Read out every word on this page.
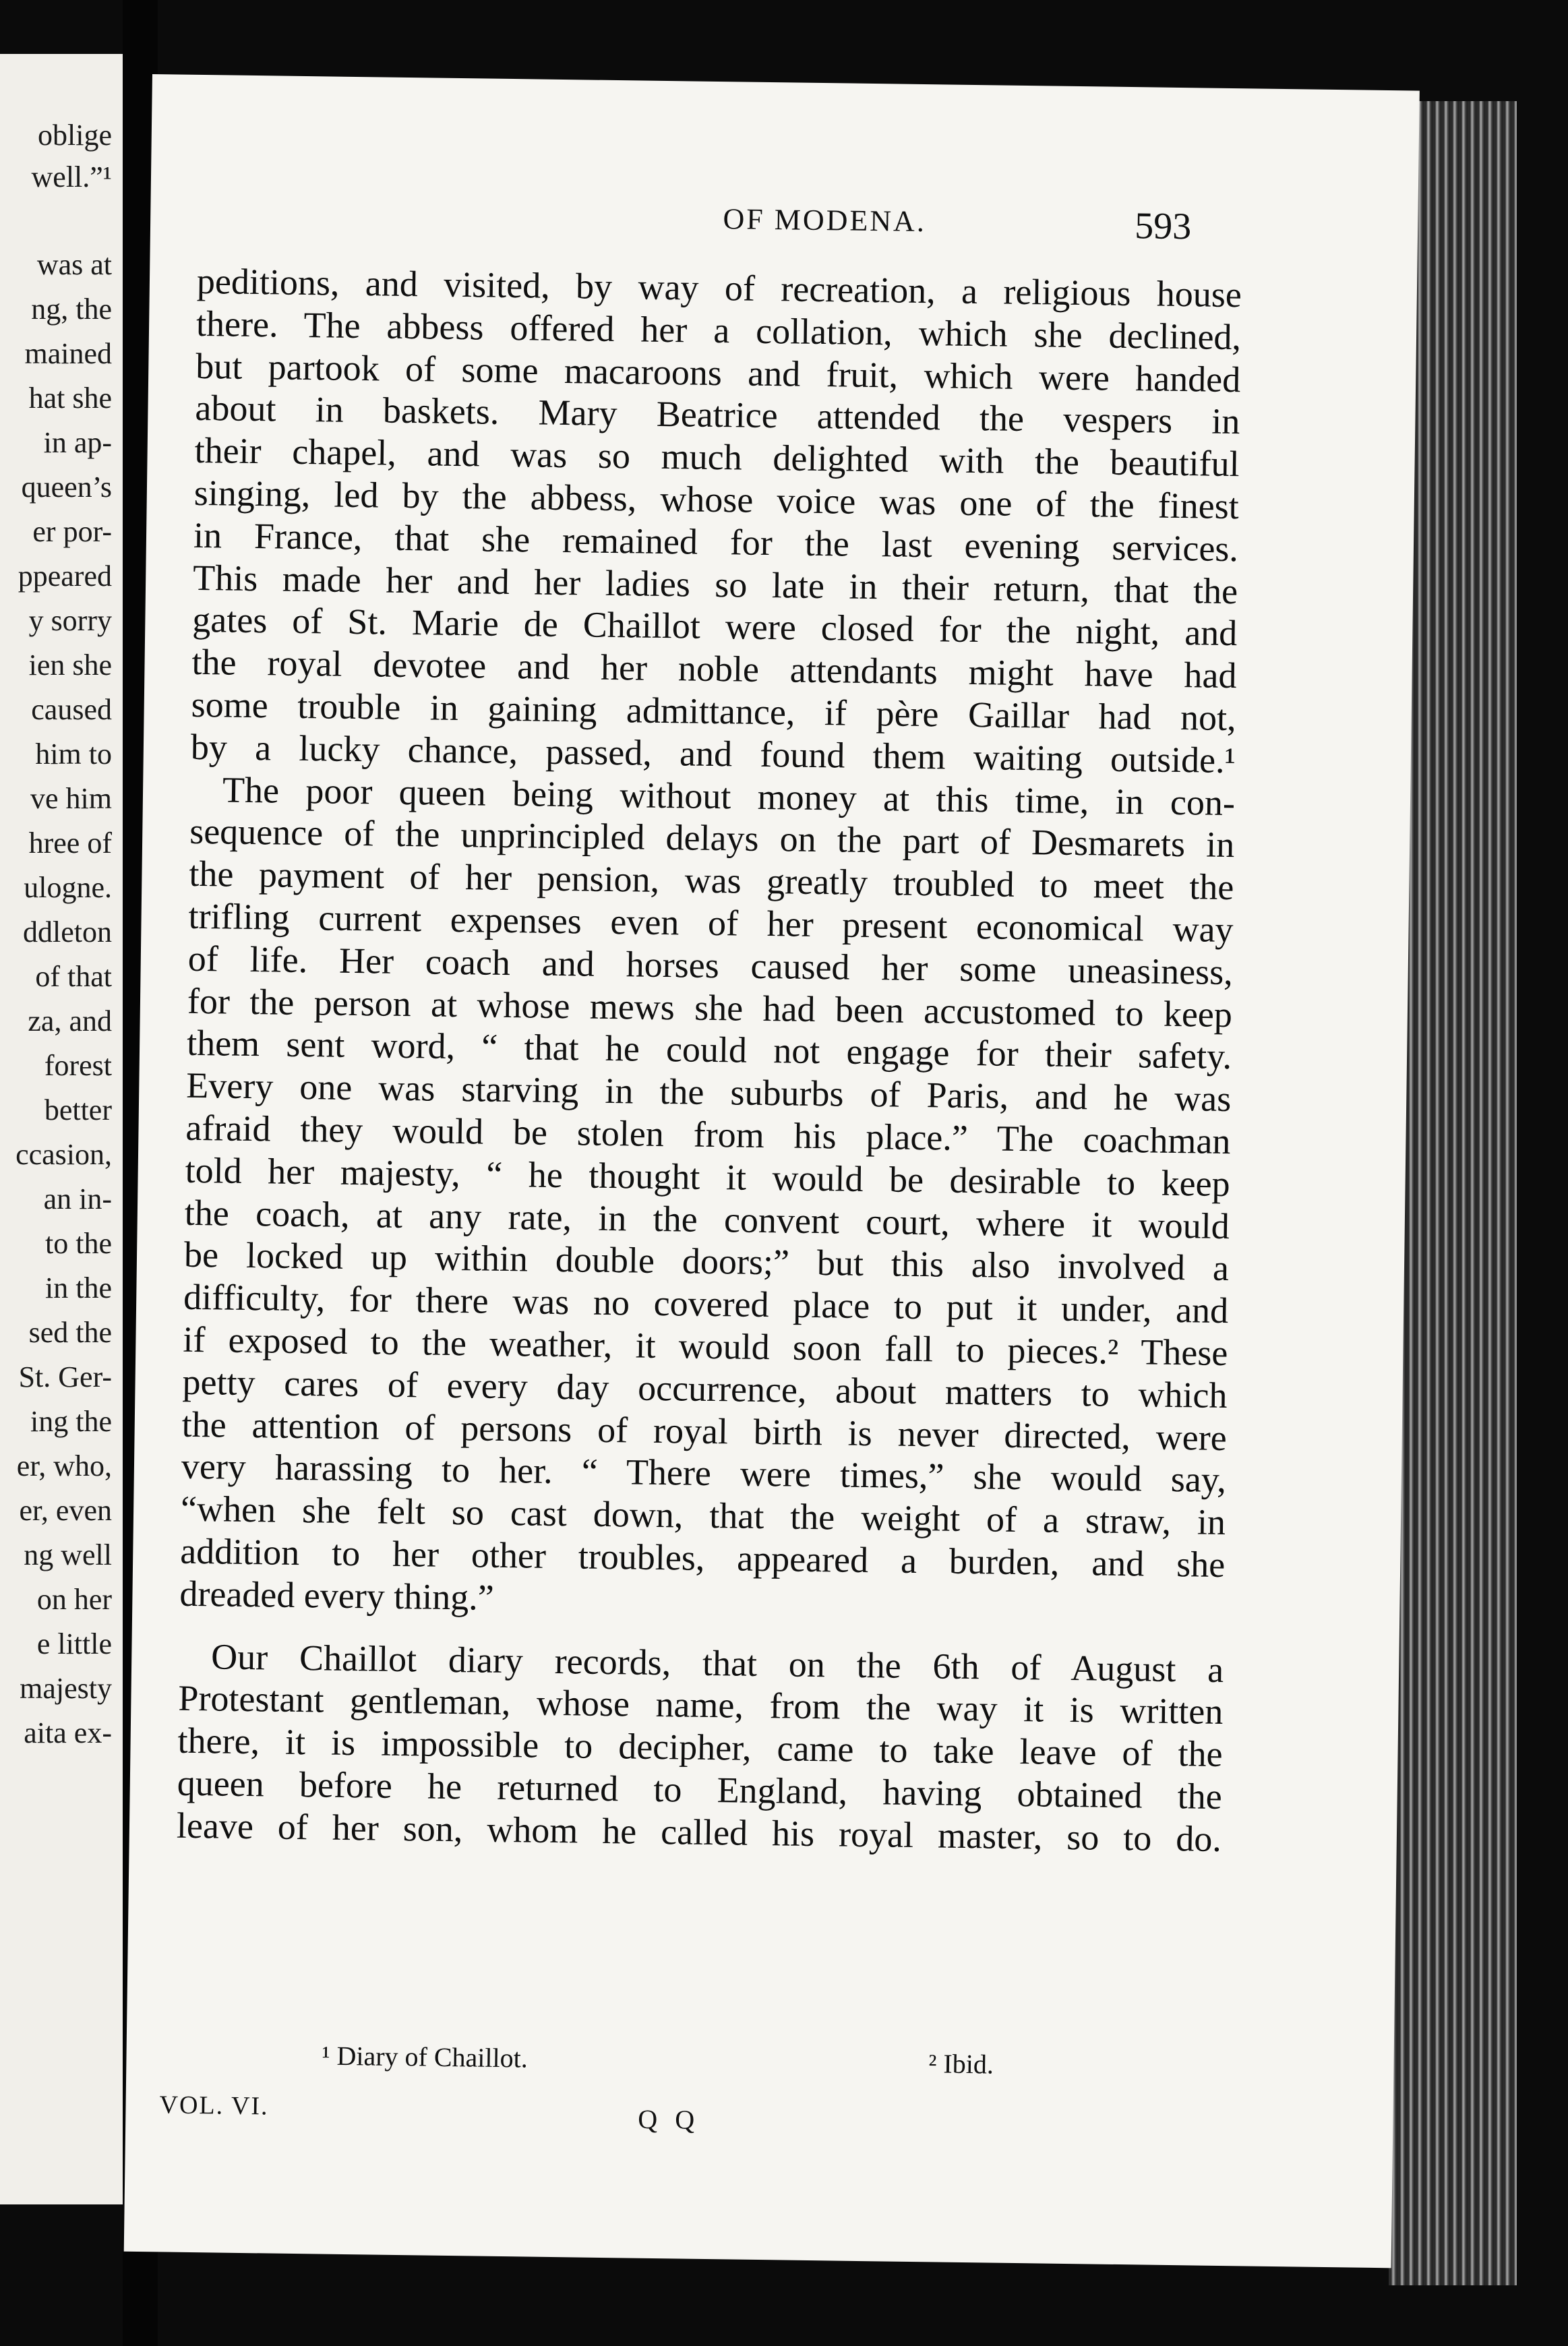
oblige
well.”¹
was at
ng, the
mained
hat she
in ap-
queen’s
er por-
ppeared
y sorry
ien she
caused
him to
ve him
hree of
ulogne.
ddleton
of that
za, and
forest
better
ccasion,
an in-
to the
in the
sed the
St. Ger-
ing the
er, who,
er, even
ng well
on her
e little
majesty
aita ex-
OF MODENA.	593
peditions, and visited, by way of recreation, a religious house
there. The abbess offered her a collation, which she declined,
but partook of some macaroons and fruit, which were handed
about in baskets. Mary Beatrice attended the vespers in
their chapel, and was so much delighted with the beautiful
singing, led by the abbess, whose voice was one of the finest
in France, that she remained for the last evening services.
This made her and her ladies so late in their return, that the
gates of St. Marie de Chaillot were closed for the night, and
the royal devotee and her noble attendants might have had
some trouble in gaining admittance, if père Gaillar had not,
by a lucky chance, passed, and found them waiting outside.¹
The poor queen being without money at this time, in con-
sequence of the unprincipled delays on the part of Desmarets in
the payment of her pension, was greatly troubled to meet the
trifling current expenses even of her present economical way
of life. Her coach and horses caused her some uneasiness,
for the person at whose mews she had been accustomed to keep
them sent word, “ that he could not engage for their safety.
Every one was starving in the suburbs of Paris, and he was
afraid they would be stolen from his place.” The coachman
told her majesty, “ he thought it would be desirable to keep
the coach, at any rate, in the convent court, where it would
be locked up within double doors;” but this also involved a
difficulty, for there was no covered place to put it under, and
if exposed to the weather, it would soon fall to pieces.² These
petty cares of every day occurrence, about matters to which
the attention of persons of royal birth is never directed, were
very harassing to her. “ There were times,” she would say,
“when she felt so cast down, that the weight of a straw, in
addition to her other troubles, appeared a burden, and she
dreaded every thing.”
Our Chaillot diary records, that on the 6th of August a
Protestant gentleman, whose name, from the way it is written
there, it is impossible to decipher, came to take leave of the
queen before he returned to England, having obtained the
leave of her son, whom he called his royal master, so to do.
¹ Diary of Chaillot.	² Ibid.
VOL. VI.	Q Q
